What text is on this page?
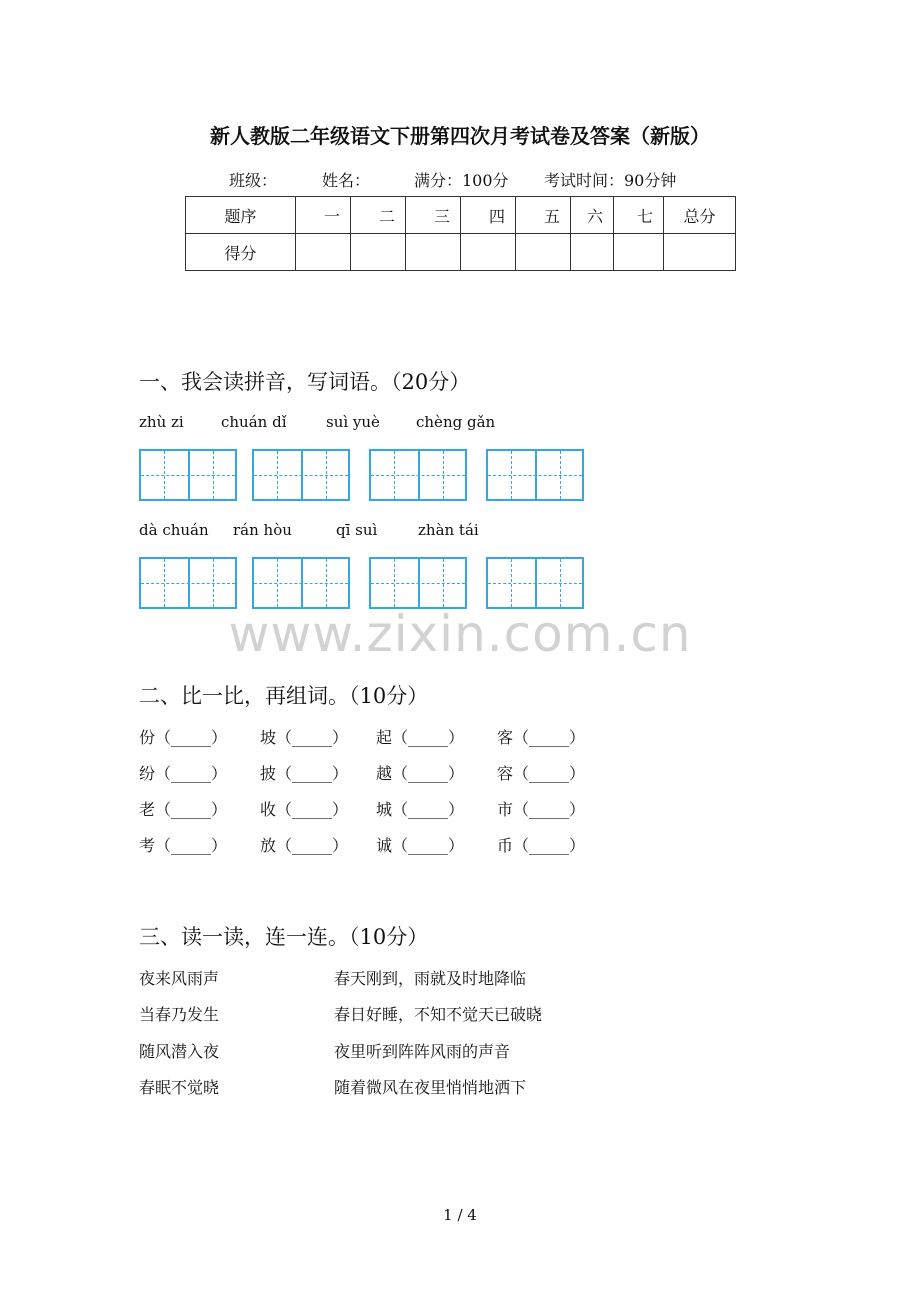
新人教版二年级语文下册第四次月考试卷及答案（新版）
班级：	姓名：	满分：100分 考试时间：90分钟
题序	一	二	三	四	五	六	七	总分
得分								
一、我会读拼音，写词语。（20分）
zhù zi chuán dǐ	suì yuè chèng gǎn
dà chuán rán hòu	qī suì	zhàn tái
www.zixin.com.cn
二、比一比，再组词。（10分）
份（_____） 坡（_____） 起（_____） 客（_____）
纷（_____） 披（_____） 越（_____） 容（_____）
老（_____） 收（_____） 城（_____） 市（_____）
考（_____） 放（_____） 诚（_____） 币（_____）
三、读一读，连一连。（10分）
夜来风雨声	春天刚到，雨就及时地降临
当春乃发生	春日好睡，不知不觉天已破晓
随风潜入夜	夜里听到阵阵风雨的声音
春眠不觉晓	随着微风在夜里悄悄地洒下
1 / 4
